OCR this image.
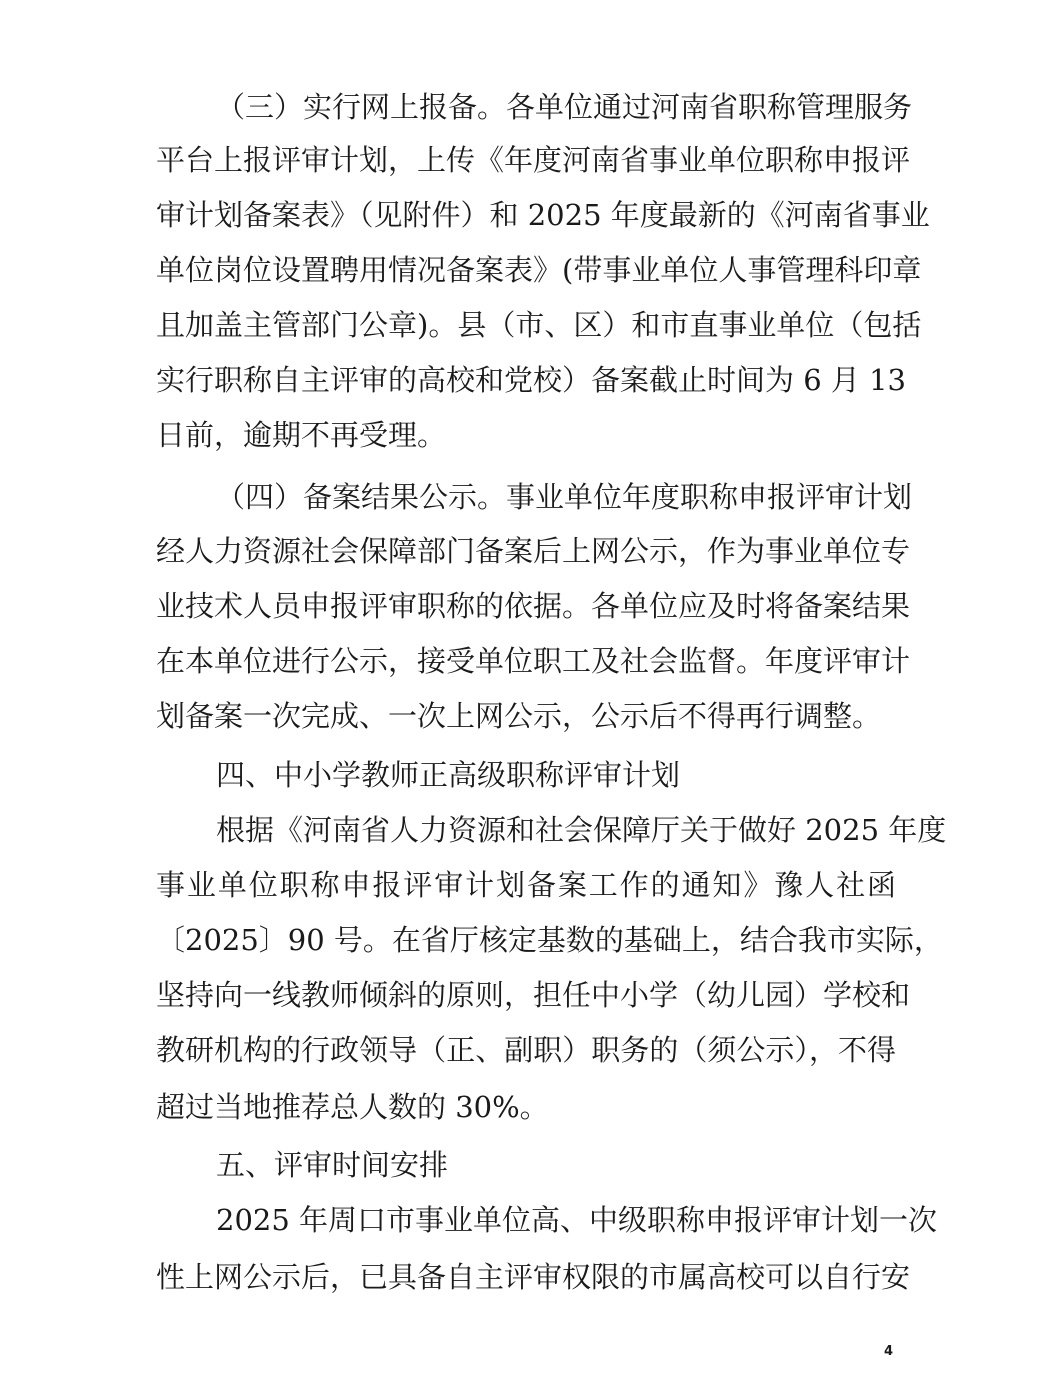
（三）实行网上报备。各单位通过河南省职称管理服务
平台上报评审计划，上传《年度河南省事业单位职称申报评
审计划备案表》（见附件）和 2025 年度最新的《河南省事业
单位岗位设置聘用情况备案表》(带事业单位人事管理科印章
且加盖主管部门公章)。县（市、区）和市直事业单位（包括
实行职称自主评审的高校和党校）备案截止时间为 6 月 13
日前，逾期不再受理。
（四）备案结果公示。事业单位年度职称申报评审计划
经人力资源社会保障部门备案后上网公示，作为事业单位专
业技术人员申报评审职称的依据。各单位应及时将备案结果
在本单位进行公示，接受单位职工及社会监督。年度评审计
划备案一次完成、一次上网公示，公示后不得再行调整。
四、中小学教师正高级职称评审计划
根据《河南省人力资源和社会保障厅关于做好 2025 年度
事业单位职称申报评审计划备案工作的通知》豫人社函
〔2025〕90 号。在省厅核定基数的基础上，结合我市实际，
坚持向一线教师倾斜的原则，担任中小学（幼儿园）学校和
教研机构的行政领导（正、副职）职务的（须公示），不得
超过当地推荐总人数的 30%。
五、评审时间安排
2025 年周口市事业单位高、中级职称申报评审计划一次
性上网公示后，已具备自主评审权限的市属高校可以自行安
4
